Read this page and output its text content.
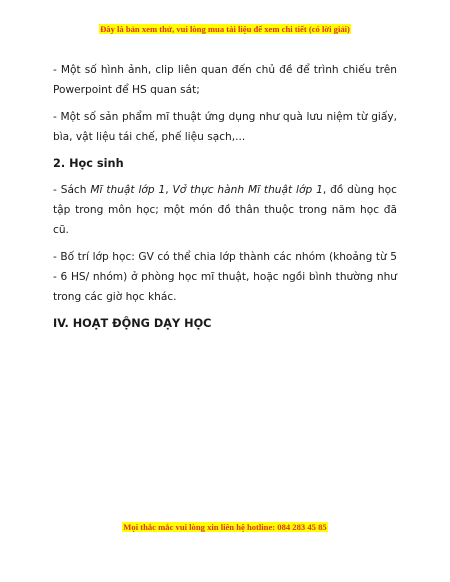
Đây là bản xem thử, vui lòng mua tài liệu để xem chi tiết (có lời giải)

- Một số hình ảnh, clip liên quan đến chủ đề để trình chiếu trên Powerpoint để HS quan sát;

- Một số sản phẩm mĩ thuật ứng dụng như quà lưu niệm từ giấy, bìa, vật liệu tái chế, phế liệu sạch,...

2. Học sinh

- Sách Mĩ thuật lớp 1, Vở thực hành Mĩ thuật lớp 1, đồ dùng học tập trong môn học; một món đồ thân thuộc trong năm học đã cũ.

- Bố trí lớp học: GV có thể chia lớp thành các nhóm (khoảng từ 5 - 6 HS/ nhóm) ở phòng học mĩ thuật, hoặc ngồi bình thường như trong các giờ học khác.

IV. HOẠT ĐỘNG DẠY HỌC

Mọi thắc mắc vui lòng xin liên hệ hotline: 084 283 45 85
